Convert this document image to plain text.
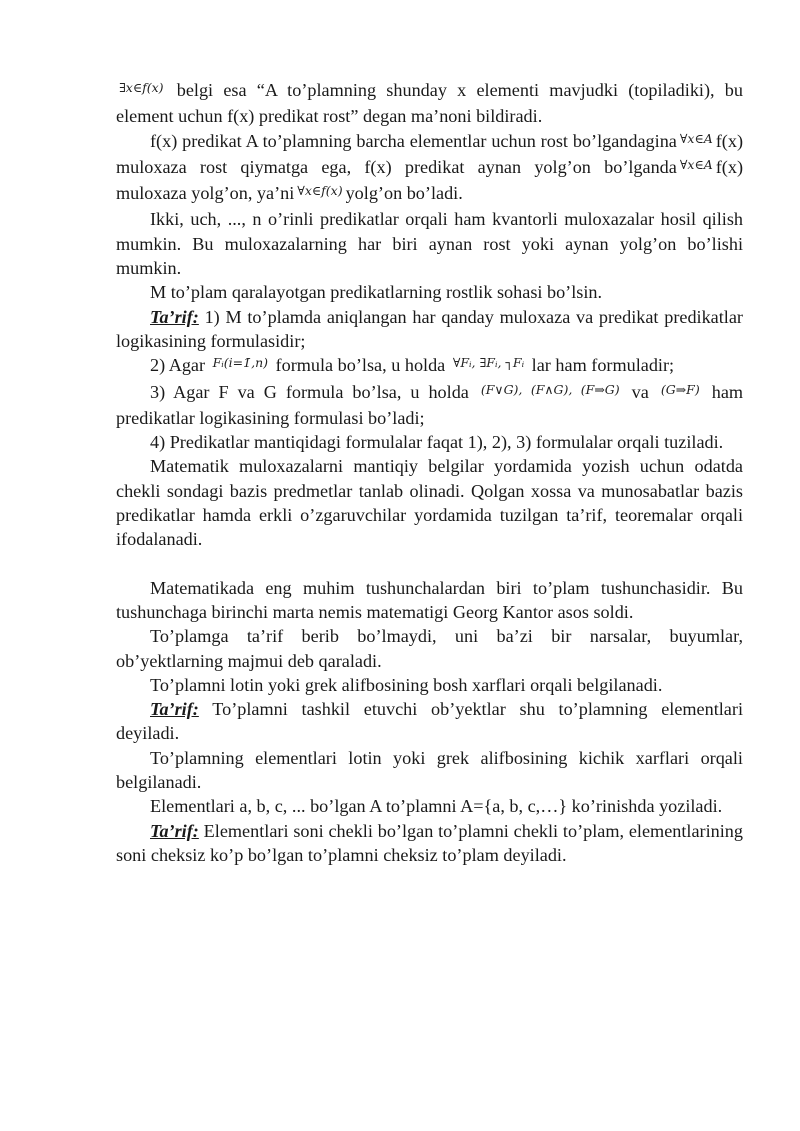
$^{\exists x\in f(x)}$ belgi esa “A to’plamning shunday x elementi mavjudki (topiladiki), bu element uchun f(x) predikat rost” degan ma’noni bildiradi.

f(x) predikat A to’plamning barcha elementlar uchun rost bo’lgandagina $^{\forall x\in A}$ f(x) muloxaza rost qiymatga ega, f(x) predikat aynan yolg’on bo’lganda $^{\forall x\in A}$ f(x) muloxaza yolg’on, ya’ni $^{\forall x\in f(x)}$ yolg’on bo’ladi.

Ikki, uch, ..., n o’rinli predikatlar orqali ham kvantorli muloxazalar hosil qilish mumkin. Bu muloxazalarning har biri aynan rost yoki aynan yolg’on bo’lishi mumkin.

M to’plam qaralayotgan predikatlarning rostlik sohasi bo’lsin.

Ta’rif: 1) M to’plamda aniqlangan har qanday muloxaza va predikat predikatlar logikasining formulasidir;

2) Agar $^{Fᵢ(i=1̄,n)}$ formula bo’lsa, u holda $^{\forall Fᵢ, \exists Fᵢ, ┐Fᵢ}$ lar ham formuladir;

3) Agar F va G formula bo’lsa, u holda $^{(F\vee G), (F\wedge G), (F\Rightarrow G)}$ va $^{(G\Rightarrow F)}$ ham predikatlar logikasining formulasi bo’ladi;

4) Predikatlar mantiqidagi formulalar faqat 1), 2), 3) formulalar orqali tuziladi.

Matematik muloxazalarni mantiqiy belgilar yordamida yozish uchun odatda chekli sondagi bazis predmetlar tanlab olinadi. Qolgan xossa va munosabatlar bazis predikatlar hamda erkli o’zgaruvchilar yordamida tuzilgan ta’rif, teoremalar orqali ifodalanadi.

Matematikada eng muhim tushunchalardan biri to’plam tushunchasidir. Bu tushunchaga birinchi marta nemis matematigi Georg Kantor asos soldi.

To’plamga ta’rif berib bo’lmaydi, uni ba’zi bir narsalar, buyumlar, ob’yektlarning majmui deb qaraladi.

To’plamni lotin yoki grek alifbosining bosh xarflari orqali belgilanadi.

Ta’rif: To’plamni tashkil etuvchi ob’yektlar shu to’plamning elementlari deyiladi.

To’plamning elementlari lotin yoki grek alifbosining kichik xarflari orqali belgilanadi.

Elementlari a, b, c, ... bo’lgan A to’plamni A={a, b, c,…} ko’rinishda yoziladi.

Ta’rif: Elementlari soni chekli bo’lgan to’plamni chekli to’plam, elementlarining soni cheksiz ko’p bo’lgan to’plamni cheksiz to’plam deyiladi.
